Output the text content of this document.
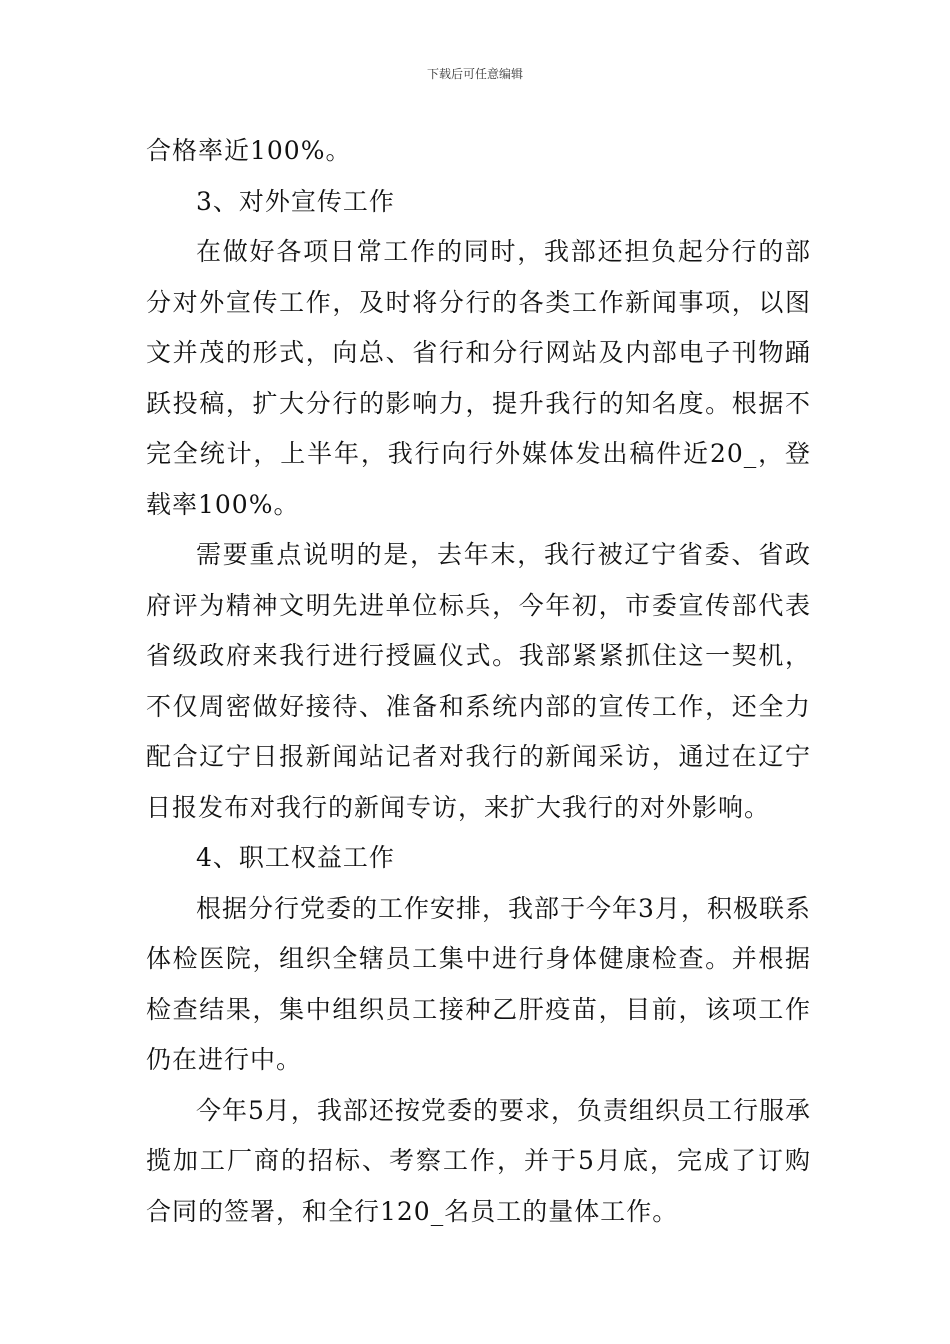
下载后可任意编辑

合格率近100%。

3、对外宣传工作

在做好各项日常工作的同时，我部还担负起分行的部分对外宣传工作，及时将分行的各类工作新闻事项，以图文并茂的形式，向总、省行和分行网站及内部电子刊物踊跃投稿，扩大分行的影响力，提升我行的知名度。根据不完全统计，上半年，我行向行外媒体发出稿件近20_，登载率100%。

需要重点说明的是，去年末，我行被辽宁省委、省政府评为精神文明先进单位标兵，今年初，市委宣传部代表省级政府来我行进行授匾仪式。我部紧紧抓住这一契机，不仅周密做好接待、准备和系统内部的宣传工作，还全力配合辽宁日报新闻站记者对我行的新闻采访，通过在辽宁日报发布对我行的新闻专访，来扩大我行的对外影响。

4、职工权益工作

根据分行党委的工作安排，我部于今年3月，积极联系体检医院，组织全辖员工集中进行身体健康检查。并根据检查结果，集中组织员工接种乙肝疫苗，目前，该项工作仍在进行中。

今年5月，我部还按党委的要求，负责组织员工行服承揽加工厂商的招标、考察工作，并于5月底，完成了订购合同的签署，和全行120_名员工的量体工作。
